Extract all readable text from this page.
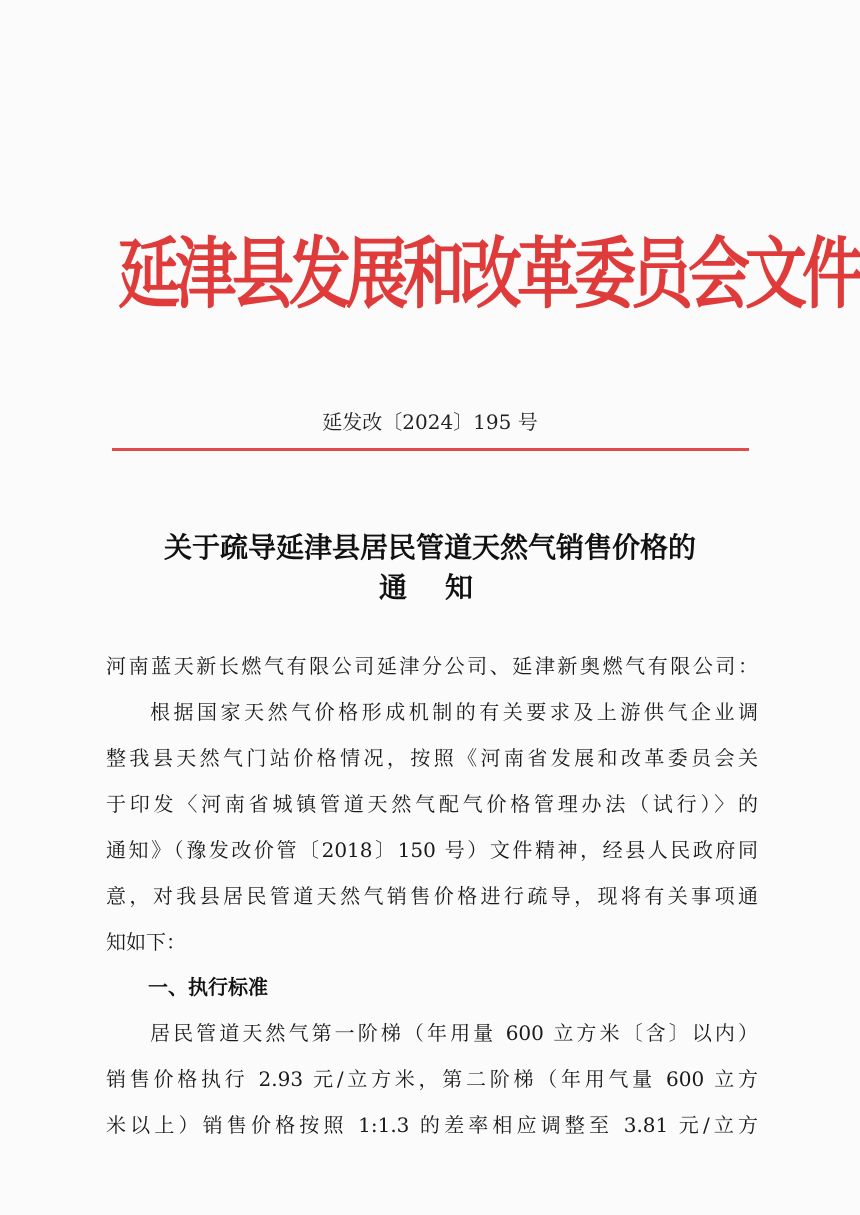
延津县发展和改革委员会文件
延发改〔2024〕195 号
关于疏导延津县居民管道天然气销售价格的
通知
河南蓝天新长燃气有限公司延津分公司、延津新奥燃气有限公司：
根据国家天然气价格形成机制的有关要求及上游供气企业调
整我县天然气门站价格情况，按照《河南省发展和改革委员会关
于印发〈河南省城镇管道天然气配气价格管理办法（试行）〉的
通知》（豫发改价管〔2018〕150 号）文件精神，经县人民政府同
意，对我县居民管道天然气销售价格进行疏导，现将有关事项通
知如下：
一、执行标准
居民管道天然气第一阶梯（年用量 600 立方米〔含〕以内）
销售价格执行 2.93 元/立方米，第二阶梯（年用气量 600 立方
米以上）销售价格按照 1:1.3 的差率相应调整至 3.81 元/立方
